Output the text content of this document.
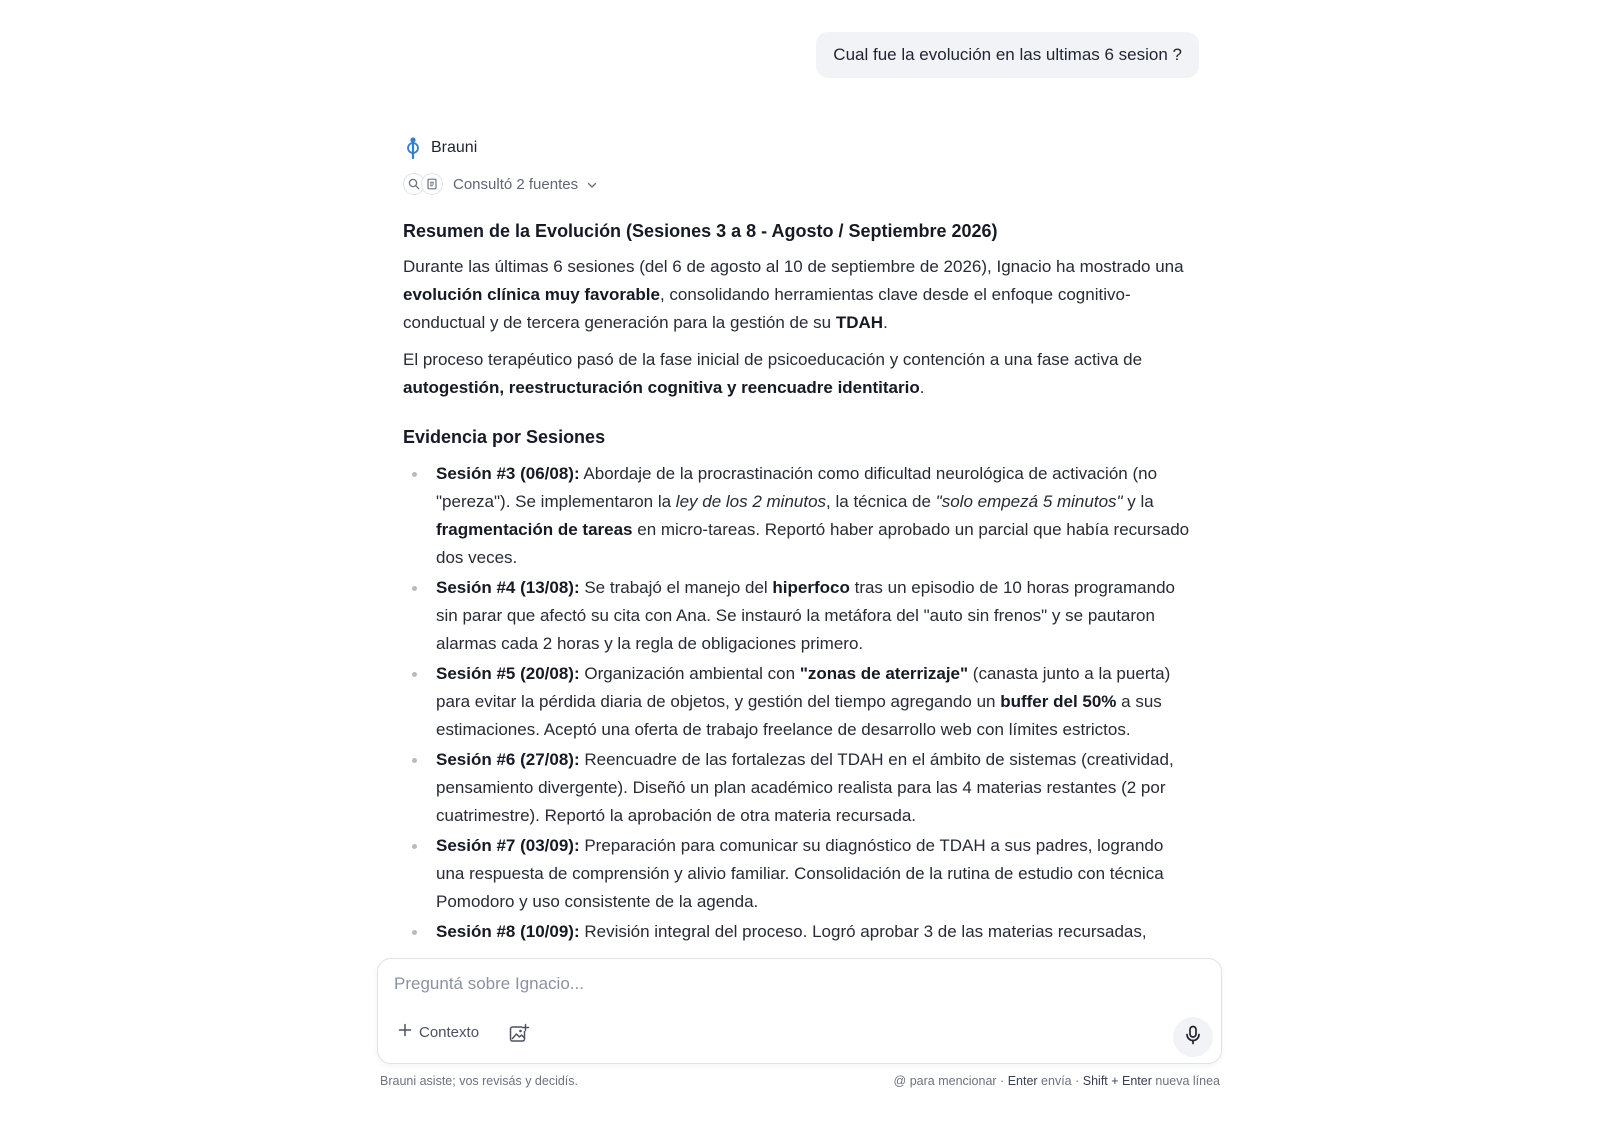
Cual fue la evolución en las ultimas 6 sesion ?
Brauni
Consultó 2 fuentes
Resumen de la Evolución (Sesiones 3 a 8 - Agosto / Septiembre 2026)

Durante las últimas 6 sesiones (del 6 de agosto al 10 de septiembre de 2026), Ignacio ha mostrado una evolución clínica muy favorable, consolidando herramientas clave desde el enfoque cognitivo-conductual y de tercera generación para la gestión de su TDAH.

El proceso terapéutico pasó de la fase inicial de psicoeducación y contención a una fase activa de autogestión, reestructuración cognitiva y reencuadre identitario.

Evidencia por Sesiones
Sesión #3 (06/08): Abordaje de la procrastinación como dificultad neurológica de activación (no "pereza"). Se implementaron la ley de los 2 minutos, la técnica de "solo empezá 5 minutos" y la fragmentación de tareas en micro-tareas. Reportó haber aprobado un parcial que había recursado dos veces.
Sesión #4 (13/08): Se trabajó el manejo del hiperfoco tras un episodio de 10 horas programando sin parar que afectó su cita con Ana. Se instauró la metáfora del "auto sin frenos" y se pautaron alarmas cada 2 horas y la regla de obligaciones primero.
Sesión #5 (20/08): Organización ambiental con "zonas de aterrizaje" (canasta junto a la puerta) para evitar la pérdida diaria de objetos, y gestión del tiempo agregando un buffer del 50% a sus estimaciones. Aceptó una oferta de trabajo freelance de desarrollo web con límites estrictos.
Sesión #6 (27/08): Reencuadre de las fortalezas del TDAH en el ámbito de sistemas (creatividad, pensamiento divergente). Diseñó un plan académico realista para las 4 materias restantes (2 por cuatrimestre). Reportó la aprobación de otra materia recursada.
Sesión #7 (03/09): Preparación para comunicar su diagnóstico de TDAH a sus padres, logrando una respuesta de comprensión y alivio familiar. Consolidación de la rutina de estudio con técnica Pomodoro y uso consistente de la agenda.
Sesión #8 (10/09): Revisión integral del proceso. Logró aprobar 3 de las materias recursadas,
Preguntá sobre Ignacio...
Contexto
Brauni asiste; vos revisás y decidís.	@ para mencionar · Enter envía · Shift + Enter nueva línea
